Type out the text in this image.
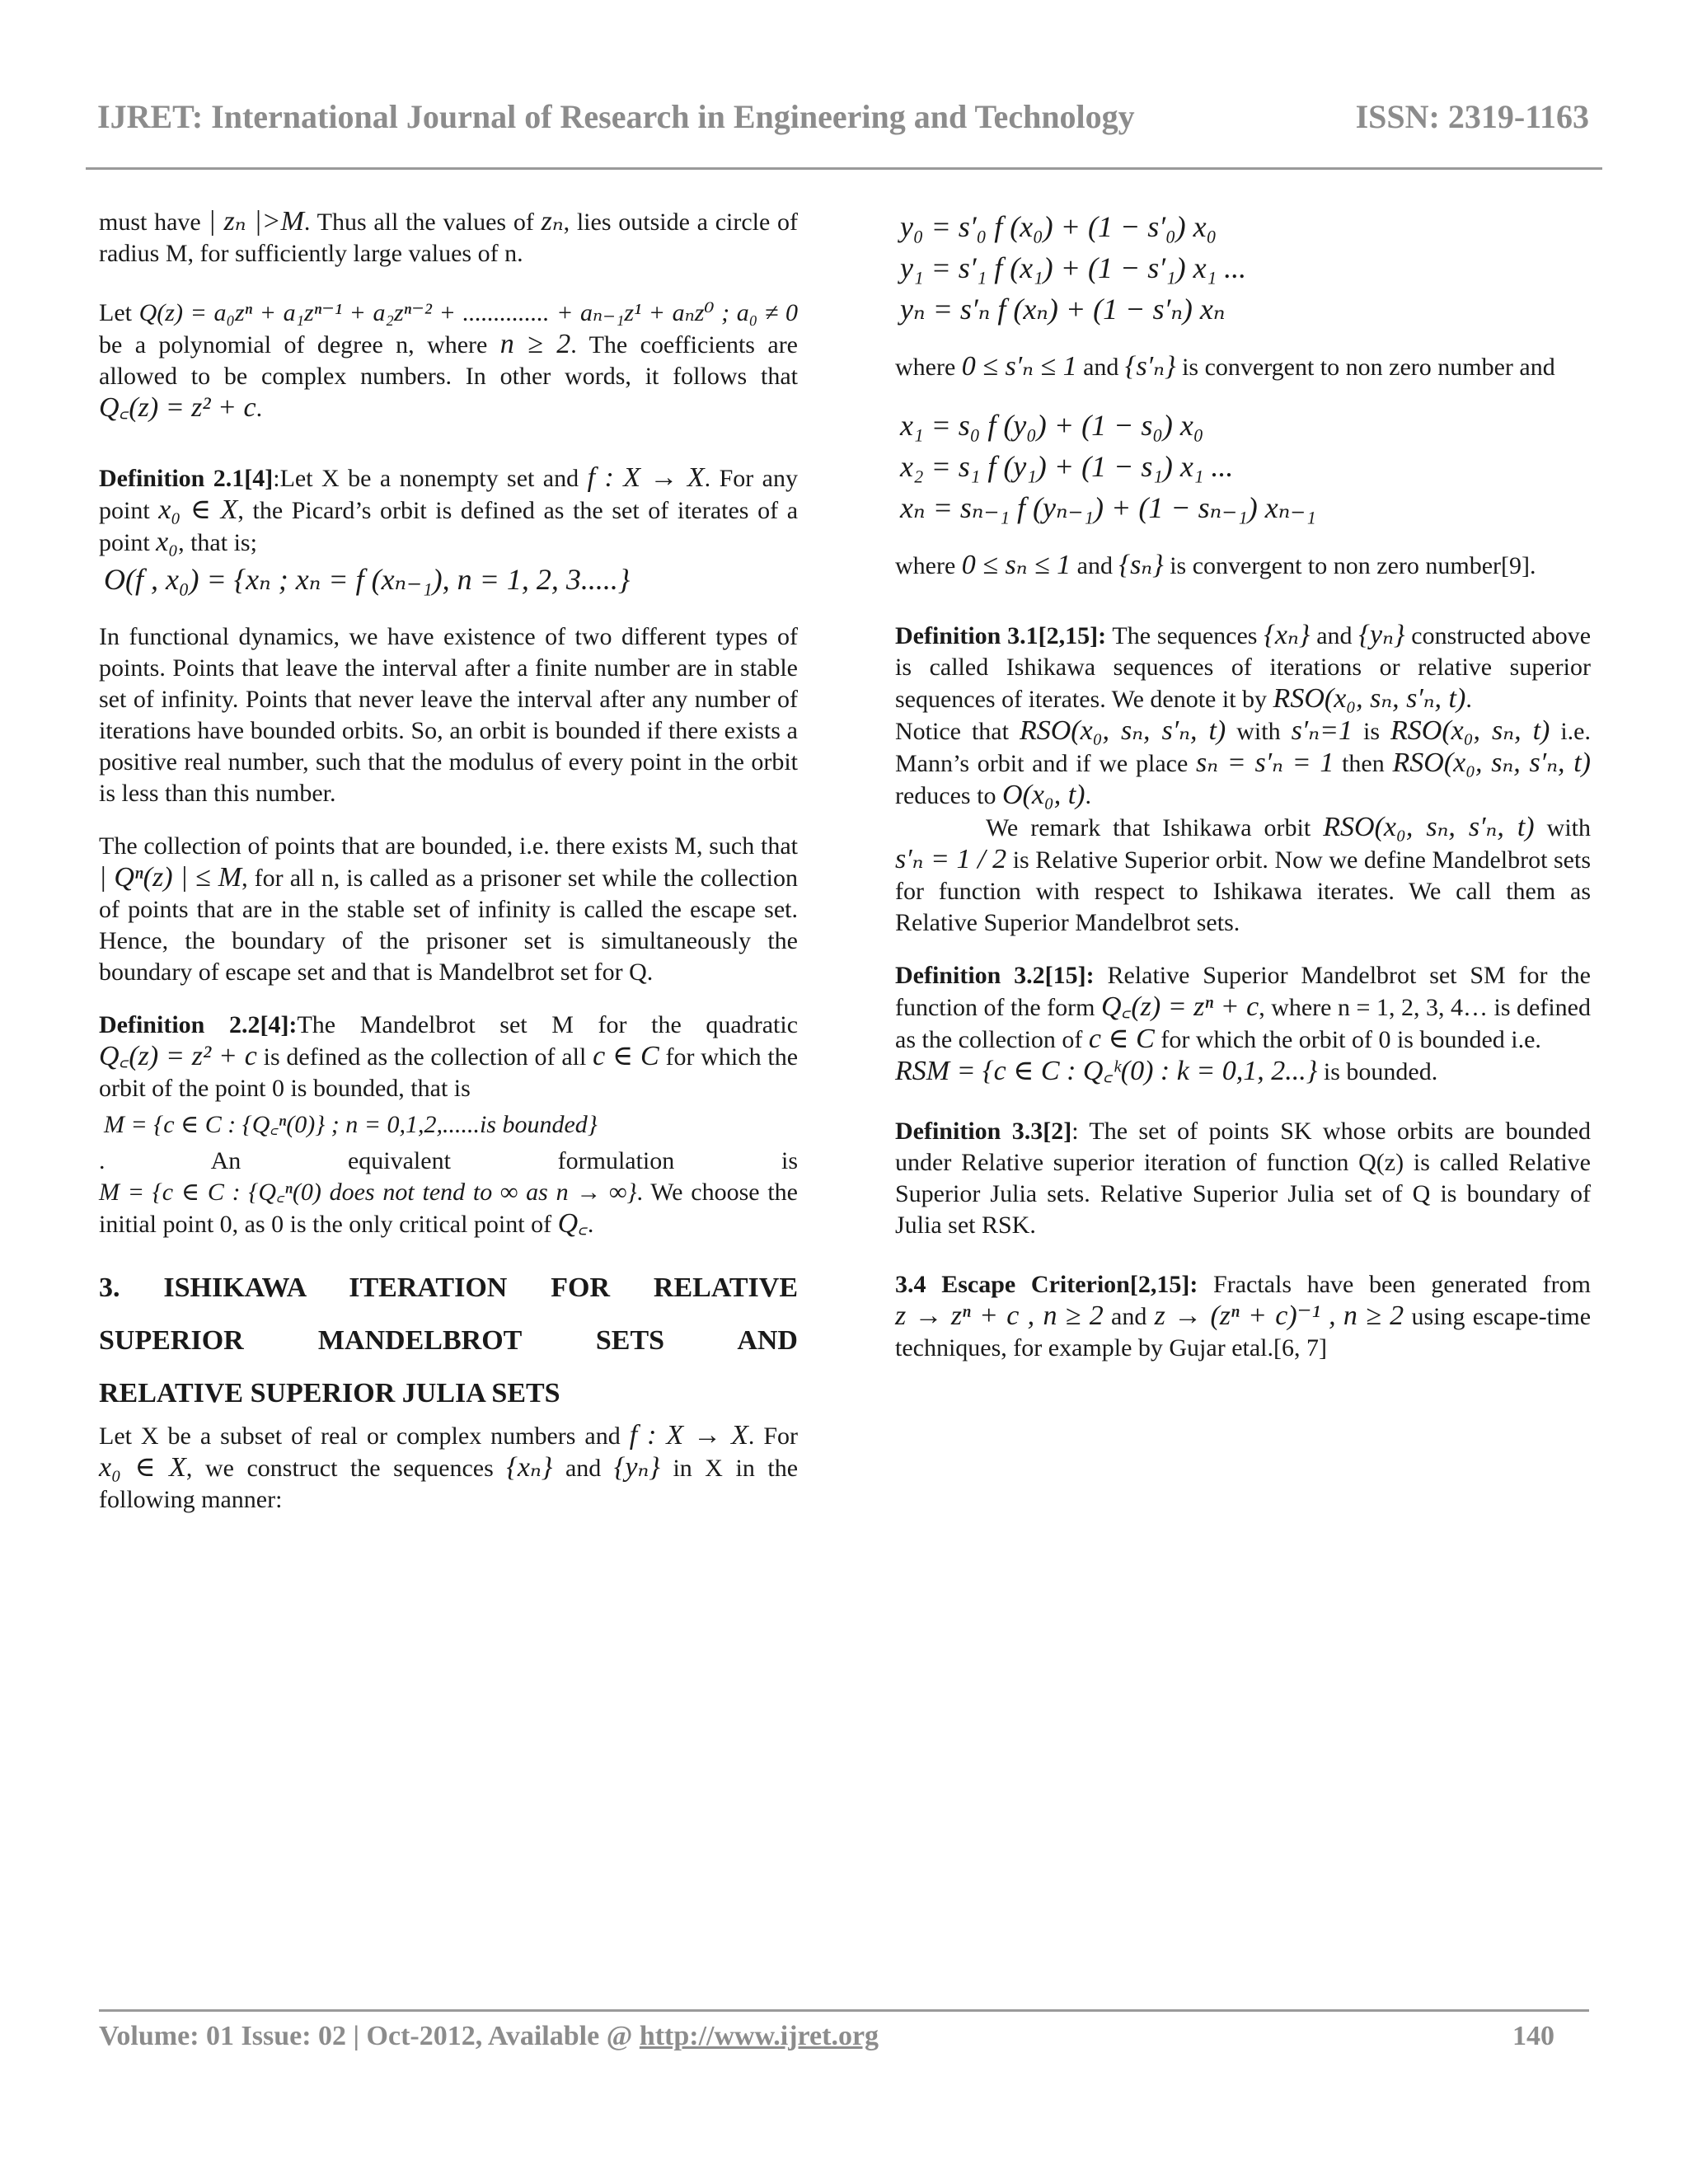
IJRET: International Journal of Research in Engineering and Technology	ISSN: 2319-1163

must have | zₙ |>M. Thus all the values of zₙ, lies outside a circle of radius M, for sufficiently large values of n.

Let Q(z) = a₀zⁿ + a₁zⁿ⁻¹ + a₂zⁿ⁻² + .............. + aₙ₋₁z¹ + aₙz⁰ ; a₀ ≠ 0 be a polynomial of degree n, where n ≥ 2. The coefficients are allowed to be complex numbers. In other words, it follows that Q꜀(z) = z² + c.

Definition 2.1[4]:Let X be a nonempty set and f : X → X. For any point x₀ ∈ X, the Picard’s orbit is defined as the set of iterates of a point x₀, that is;

O(f , x₀) = {xₙ ; xₙ = f (xₙ₋₁), n = 1, 2, 3.....}

In functional dynamics, we have existence of two different types of points. Points that leave the interval after a finite number are in stable set of infinity. Points that never leave the interval after any number of iterations have bounded orbits. So, an orbit is bounded if there exists a positive real number, such that the modulus of every point in the orbit is less than this number.

The collection of points that are bounded, i.e. there exists M, such that | Qⁿ(z) | ≤ M, for all n, is called as a prisoner set while the collection of points that are in the stable set of infinity is called the escape set. Hence, the boundary of the prisoner set is simultaneously the boundary of escape set and that is Mandelbrot set for Q.

Definition 2.2[4]:The Mandelbrot set M for the quadratic Q꜀(z) = z² + c is defined as the collection of all c ∈ C for which the orbit of the point 0 is bounded, that is

M = {c ∈ C : {Q꜀ⁿ(0)} ; n = 0,1,2,......is bounded}

. An equivalent formulation is M = {c ∈ C : {Q꜀ⁿ(0) does not tend to ∞ as n → ∞}. We choose the initial point 0, as 0 is the only critical point of Q꜀.

3. ISHIKAWA ITERATION FOR RELATIVE
SUPERIOR MANDELBROT SETS AND
RELATIVE SUPERIOR JULIA SETS

Let X be a subset of real or complex numbers and f : X → X. For x₀ ∈ X, we construct the sequences {xₙ} and {yₙ} in X in the following manner:

y₀ = s′₀ f (x₀) + (1 − s′₀) x₀
y₁ = s′₁ f (x₁) + (1 − s′₁) x₁ ...
yₙ = s′ₙ f (xₙ) + (1 − s′ₙ) xₙ

where 0 ≤ s′ₙ ≤ 1 and {s′ₙ} is convergent to non zero number and

x₁ = s₀ f (y₀) + (1 − s₀) x₀
x₂ = s₁ f (y₁) + (1 − s₁) x₁ ...
xₙ = sₙ₋₁ f (yₙ₋₁) + (1 − sₙ₋₁) xₙ₋₁

where 0 ≤ sₙ ≤ 1 and {sₙ} is convergent to non zero number[9].

Definition 3.1[2,15]: The sequences {xₙ} and {yₙ} constructed above is called Ishikawa sequences of iterations or relative superior sequences of iterates. We denote it by RSO(x₀, sₙ, s′ₙ, t).

Notice that RSO(x₀, sₙ, s′ₙ, t) with s′ₙ=1 is RSO(x₀, sₙ, t) i.e. Mann’s orbit and if we place sₙ = s′ₙ = 1 then RSO(x₀, sₙ, s′ₙ, t) reduces to O(x₀, t).

We remark that Ishikawa orbit RSO(x₀, sₙ, s′ₙ, t) with s′ₙ = 1 / 2 is Relative Superior orbit. Now we define Mandelbrot sets for function with respect to Ishikawa iterates. We call them as Relative Superior Mandelbrot sets.

Definition 3.2[15]: Relative Superior Mandelbrot set SM for the function of the form Q꜀(z) = zⁿ + c, where n = 1, 2, 3, 4… is defined as the collection of c ∈ C for which the orbit of 0 is bounded i.e.

RSM = {c ∈ C : Q꜀ᵏ(0) : k = 0,1, 2...} is bounded.

Definition 3.3[2]: The set of points SK whose orbits are bounded under Relative superior iteration of function Q(z) is called Relative Superior Julia sets. Relative Superior Julia set of Q is boundary of Julia set RSK.

3.4 Escape Criterion[2,15]: Fractals have been generated from z → zⁿ + c , n ≥ 2 and z → (zⁿ + c)⁻¹ , n ≥ 2 using escape-time techniques, for example by Gujar etal.[6, 7]

Volume: 01 Issue: 02 | Oct-2012, Available @ http://www.ijret.org	140
